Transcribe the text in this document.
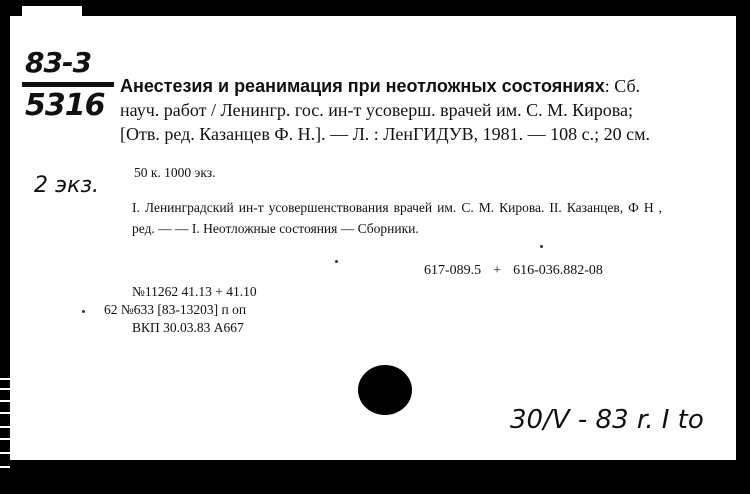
83-3
5316
Анестезия и реанимация при неотложных состояниях: Сб. науч. работ / Ленингр. гос. ин-т усоверш. врачей им. С. М. Кирова; [Отв. ред. Казанцев Ф. Н.]. — Л. : ЛенГИДУВ, 1981. — 108 с.; 20 см.
50 к. 1000 экз.
2 экз.
I. Ленинградский ин-т усовершенствования врачей им. С. М. Кирова. II. Казанцев, Ф Н , ред. — — I. Неотложные состояния — Сборники.
617-089.5 + 616-036.882-08
№11262 41.13 + 41.10
62 №633 [83-13203] п оп
ВКП 30.03.83 А667
30/V - 83 r. I to
